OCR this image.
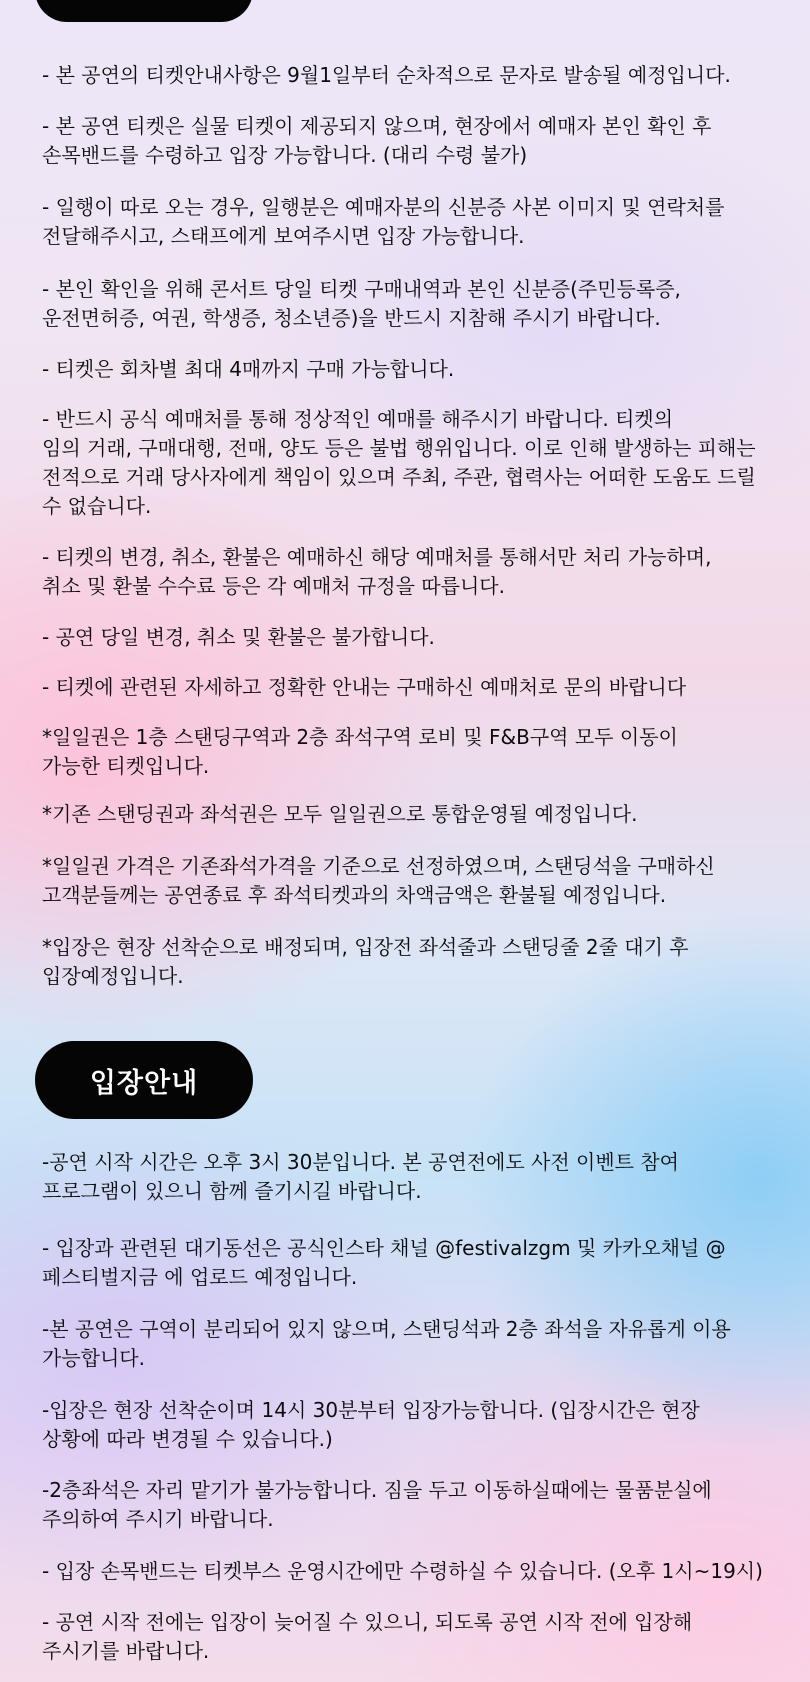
- 본 공연의 티켓안내사항은 9월1일부터 순차적으로 문자로 발송될 예정입니다.
- 본 공연 티켓은 실물 티켓이 제공되지 않으며, 현장에서 예매자 본인 확인 후
손목밴드를 수령하고 입장 가능합니다. (대리 수령 불가)
- 일행이 따로 오는 경우, 일행분은 예매자분의 신분증 사본 이미지 및 연락처를
전달해주시고, 스태프에게 보여주시면 입장 가능합니다.
- 본인 확인을 위해 콘서트 당일 티켓 구매내역과 본인 신분증(주민등록증,
운전면허증, 여권, 학생증, 청소년증)을 반드시 지참해 주시기 바랍니다.
- 티켓은 회차별 최대 4매까지 구매 가능합니다.
- 반드시 공식 예매처를 통해 정상적인 예매를 해주시기 바랍니다. 티켓의
임의 거래, 구매대행, 전매, 양도 등은 불법 행위입니다. 이로 인해 발생하는 피해는
전적으로 거래 당사자에게 책임이 있으며 주최, 주관, 협력사는 어떠한 도움도 드릴
수 없습니다.
- 티켓의 변경, 취소, 환불은 예매하신 해당 예매처를 통해서만 처리 가능하며,
취소 및 환불 수수료 등은 각 예매처 규정을 따릅니다.
- 공연 당일 변경, 취소 및 환불은 불가합니다.
- 티켓에 관련된 자세하고 정확한 안내는 구매하신 예매처로 문의 바랍니다
*일일권은 1층 스탠딩구역과 2층 좌석구역 로비 및 F&B구역 모두 이동이
가능한 티켓입니다.
*기존 스탠딩권과 좌석권은 모두 일일권으로 통합운영될 예정입니다.
*일일권 가격은 기존좌석가격을 기준으로 선정하였으며, 스탠딩석을 구매하신
고객분들께는 공연종료 후 좌석티켓과의 차액금액은 환불될 예정입니다.
*입장은 현장 선착순으로 배정되며, 입장전 좌석줄과 스탠딩줄 2줄 대기 후
입장예정입니다.
입장안내
-공연 시작 시간은 오후 3시 30분입니다. 본 공연전에도 사전 이벤트 참여
프로그램이 있으니 함께 즐기시길 바랍니다.
- 입장과 관련된 대기동선은 공식인스타 채널 @festivalzgm 및 카카오채널 @
페스티벌지금 에 업로드 예정입니다.
-본 공연은 구역이 분리되어 있지 않으며, 스탠딩석과 2층 좌석을 자유롭게 이용
가능합니다.
-입장은 현장 선착순이며 14시 30분부터 입장가능합니다. (입장시간은 현장
상황에 따라 변경될 수 있습니다.)
-2층좌석은 자리 맡기가 불가능합니다. 짐을 두고 이동하실때에는 물품분실에
주의하여 주시기 바랍니다.
- 입장 손목밴드는 티켓부스 운영시간에만 수령하실 수 있습니다. (오후 1시~19시)
- 공연 시작 전에는 입장이 늦어질 수 있으니, 되도록 공연 시작 전에 입장해
주시기를 바랍니다.
